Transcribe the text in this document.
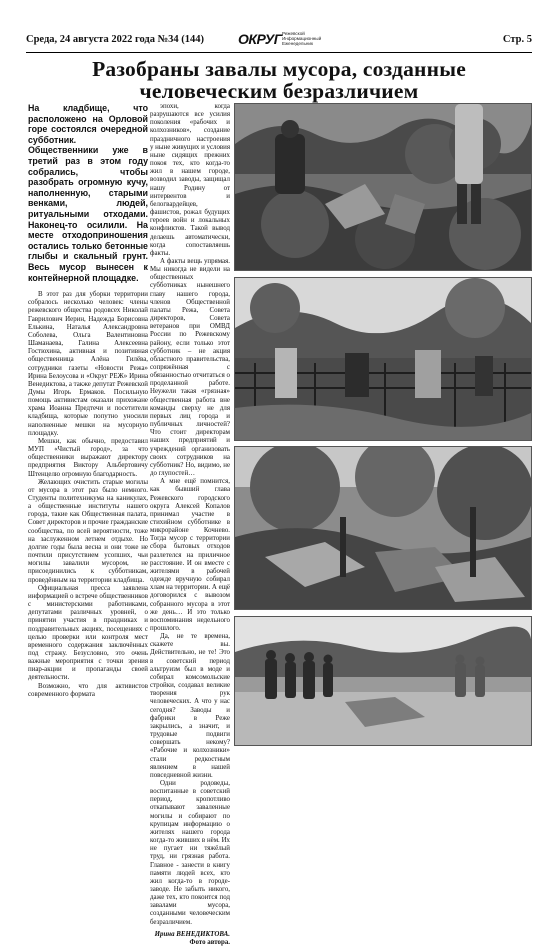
Среда, 24 августа 2022 года №34 (144) ОКРУГ Режевской
Информационный
Еженедельник	Стр. 5
Разобраны завалы мусора, созданные человеческим безразличием

На кладбище, что расположено на Орловой горе состоялся очередной субботник. Общественники уже в третий раз в этом году собрались, чтобы разобрать огромную кучу, наполненную, старыми венками, людей, ритуальными отходами. Наконец-то осилили. На месте отходоприношения остались только бетонные глыбы и скальный грунт. Весь мусор вынесен к контейнерной площадке.

В этот раз для уборки территории собралось несколько человек: члены режевского общества родовсех Николай Гаврилович Иерин, Надежда Борисовна Елькина, Наталья Александровна Соболева, Ольга Валентиновна Шаманаева, Галина Алексеевна Гостюхина, активная и позитивная общественница Алёна Гилёва, сотрудники газеты «Новости Режа» Ирина Белоусова и «Округ РЕЖ» Ирина Венедиктова, а также депутат Режевской Думы Игорь Ермаков. Посильную помощь активистам оказали прихожане храма Иоанна Предтечи и посетители кладбища, которые попутно уносили наполненные мешки на мусорную площадку.

Мешки, как обычно, предоставил МУП «Чистый город», за что общественники выражают директору предприятия Виктору Альбертовичу Штенцелю огромную благодарность.

Желающих очистить старые могилы от мусора в этот раз было немного. Студенты политехникума на каникулах, а общественные институты нашего города, такие как Общественная палата, Совет директоров и прочие гражданские сообщества, по всей вероятности, тоже на заслуженном летнем отдыхе. Но долгие годы была весна и они тоже не почтили присутствием усопших, чьи могилы завалили мусором, не присоединились к субботникам, проведённым на территории кладбища.

Официальная пресса заявлена информацией о встрече общественников с министерскими работниками, депутатами различных уровней, о принятии участия в праздниках и поздравительных акциях, посещениях с целью проверки или контроля мест временного содержания заключённых под стражу. Безусловно, это очень важные мероприятия с точки зрения пиар-акции и пропаганды своей деятельности.

Возможно, что для активистов современного формата

эпохи, когда разрушаются все усилия поколения «рабочих и колхозников», создание праздничного настроения у ныне живущих и условия ныне сидящих прежних покоя тех, кто когда-то жил в нашем городе, возводил заводы, защищал нашу Родину от интервентов и белогвардейцев, фашистов, рожал будущих героев войн и локальных конфликтов. Такой вывод делаешь автоматически, когда сопоставляешь факты.

А факты вещь упрямая. Мы никогда не видели на общественных субботниках нынешнего главу нашего города, членов Общественной палаты Режа, Совета директоров, Совета ветеранов при ОМВД России по Режевскому району, если только этот субботник – не акция областного правительства, сопряжённая с обязанностью отчитаться о проделанной работе. Неужели такая «грязная» общественная работа вне команды сверху не для первых лиц города и публичных личностей? Что стоит директорам наших предприятий и учреждений организовать своих сотрудников на субботник? Но, видимо, не до глупостей…

А мне ещё помнится, как бывший глава Режевского городского округа Алексей Копалов принимал участие в стихийном субботнике в микрорайоне Кочнево. Тогда мусор с территории сбора бытовых отходов разлетелся на приличное расстояние. И он вместе с жителями в рабочей одежде вручную собирал хлам на территории. А ещё договорился с вывозом собранного мусора в этот же день… И это только воспоминания недельного прошлого.

Да, не те времена, скажете вы. Действительно, не те! Это в советский период альтруизм был в моде и собирал комсомольские стройки, создавал великие творения рук человеческих. А что у нас сегодня? Заводы и фабрики в Реже закрылись, а значит, и трудовые подвиги совершать некому? «Рабочие и колхозники» стали редкостным явлением в нашей повседневной жизни.

Одни родоведы, воспитанные в советский период, кропотливо откапывают заваленные могилы и собирают по крупицам информацию о жителях нашего города когда-то живших в нём. Их не пугает ни тяжёлый труд, ни грязная работа. Главное - занести в книгу памяти людей всех, кто жил когда-то в городе-заводе. Не забыть никого, даже тех, кто покоится под завалами мусора, созданными человеческим безразличием.

Ирина ВЕНЕДИКТОВА.

Фото автора.
